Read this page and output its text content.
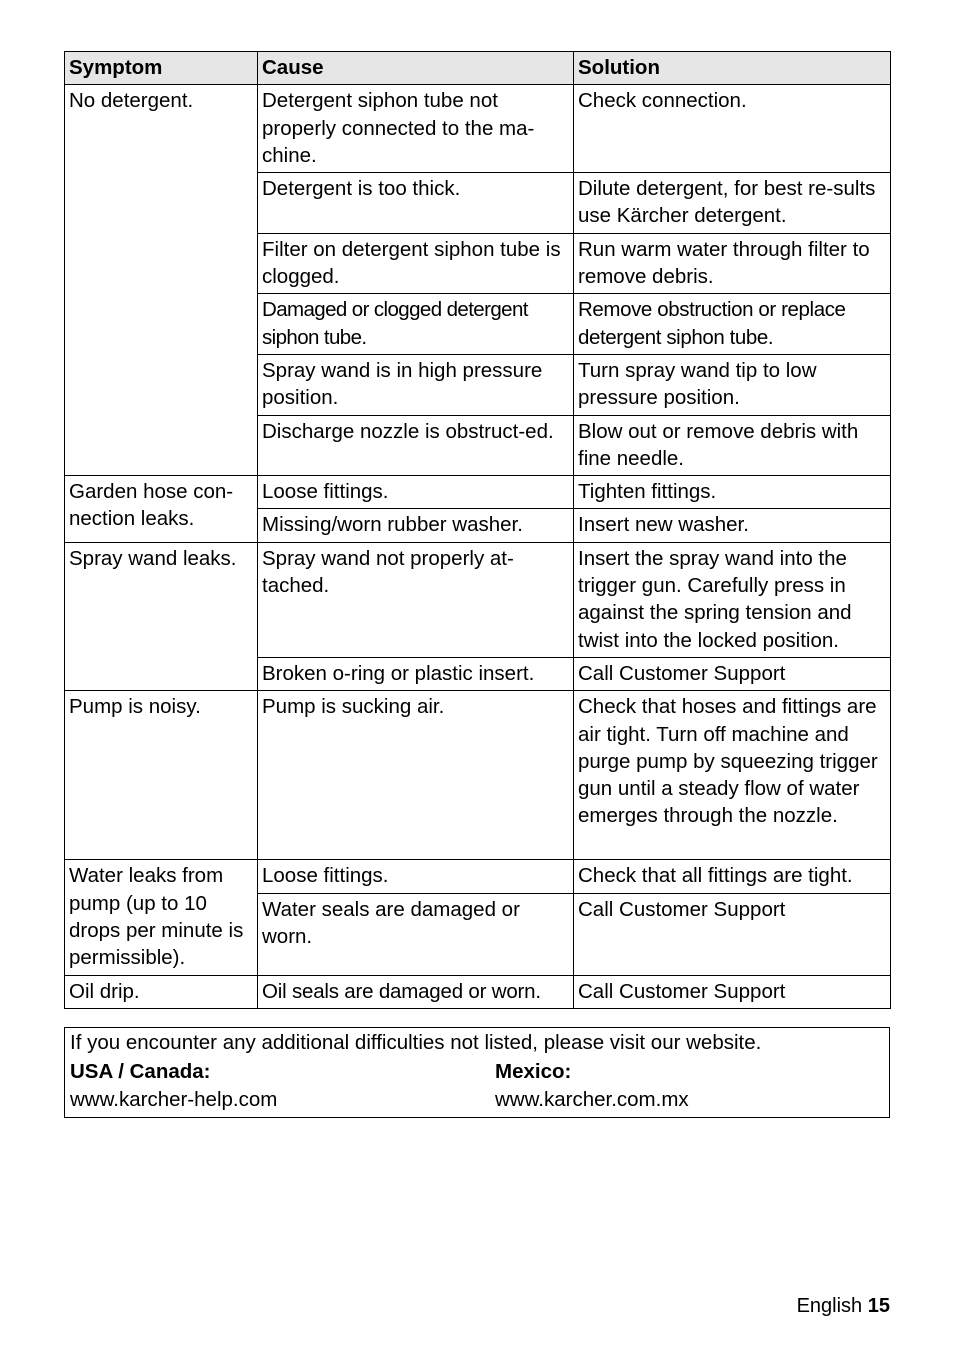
Symptom	Cause	Solution
No detergent.	Detergent siphon tube not properly connected to the ma-chine.	Check connection.
	Detergent is too thick.	Dilute detergent, for best re-sults use Kärcher detergent.
	Filter on detergent siphon tube is clogged.	Run warm water through filter to remove debris.
	Damaged or clogged detergent siphon tube.	Remove obstruction or replace detergent siphon tube.
	Spray wand is in high pressure position.	Turn spray wand tip to low pressure position.
	Discharge nozzle is obstruct-ed.	Blow out or remove debris with fine needle.
Garden hose con-nection leaks.	Loose fittings.	Tighten fittings.
	Missing/worn rubber washer.	Insert new washer.
Spray wand leaks.	Spray wand not properly at-tached.	Insert the spray wand into the trigger gun. Carefully press in against the spring tension and twist into the locked position.
	Broken o-ring or plastic insert.	Call Customer Support
Pump is noisy.	Pump is sucking air.	Check that hoses and fittings are air tight. Turn off machine and purge pump by squeezing trigger gun until a steady flow of water emerges through the nozzle.
Water leaks from pump (up to 10 drops per minute is permissible).	Loose fittings.	Check that all fittings are tight.
	Water seals are damaged or worn.	Call Customer Support
Oil drip.	Oil seals are damaged or worn.	Call Customer Support
If you encounter any additional difficulties not listed, please visit our website.
USA / Canada:	Mexico:
www.karcher-help.com	www.karcher.com.mx
English 15
